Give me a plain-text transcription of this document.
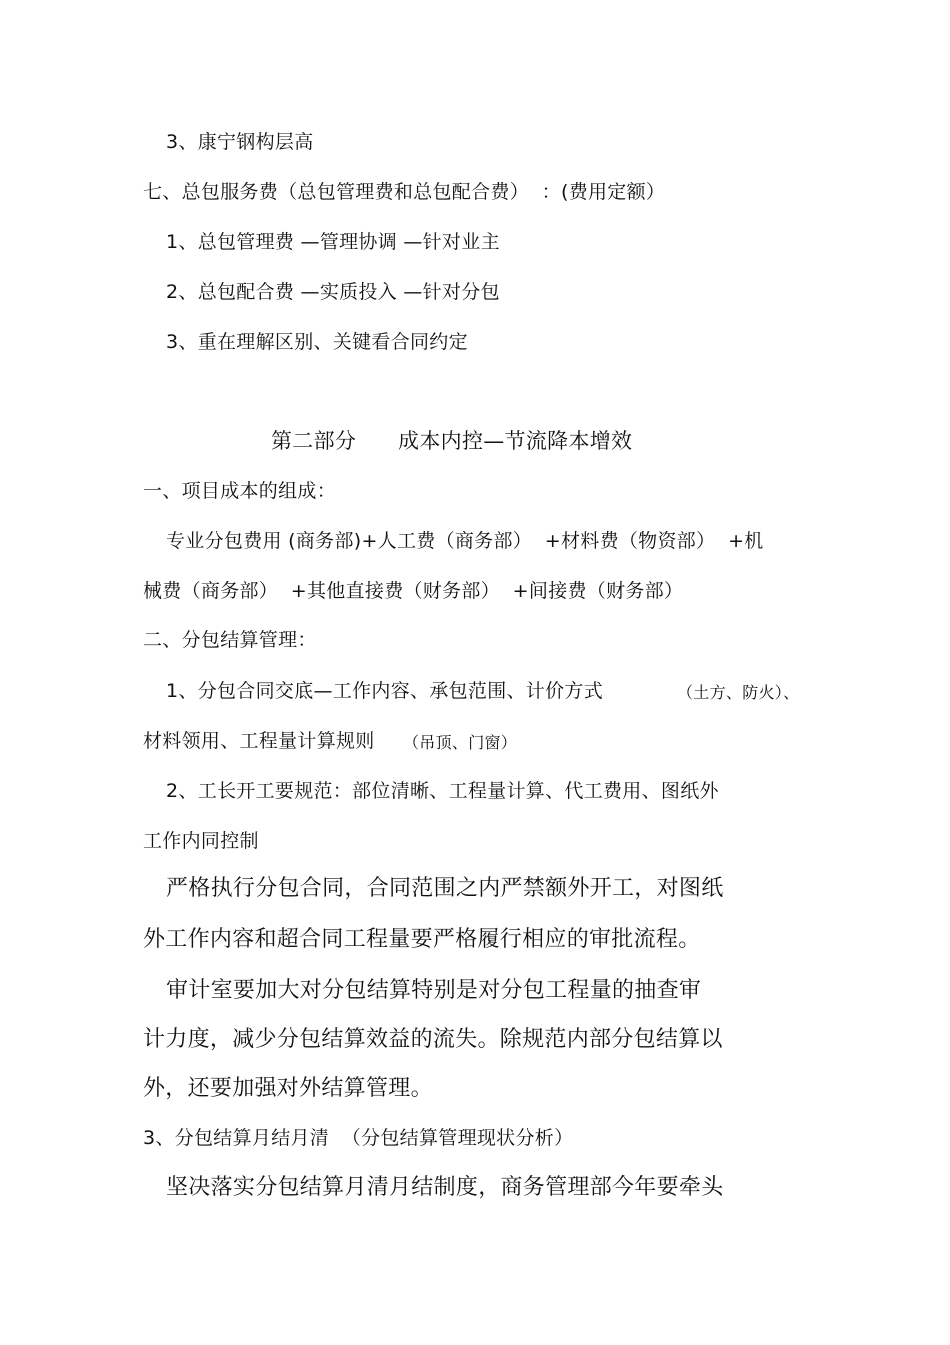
3、康宁钢构层高
七、总包服务费（总包管理费和总包配合费）  ：(费用定额）
1、总包管理费 —管理协调 —针对业主
2、总包配合费 —实质投入 —针对分包
3、重在理解区别、关键看合同约定
第二部分      成本内控—节流降本增效
一、项目成本的组成：
专业分包费用 (商务部)+人工费（商务部）  +材料费（物资部）  +机
械费（商务部）  +其他直接费（财务部）  +间接费（财务部）
二、分包结算管理：
1、分包合同交底—工作内容、承包范围、计价方式	（土方、防火）、
材料领用、工程量计算规则 （吊顶、门窗）
2、工长开工要规范：部位清晰、工程量计算、代工费用、图纸外
工作内同控制
严格执行分包合同，合同范围之内严禁额外开工，对图纸
外工作内容和超合同工程量要严格履行相应的审批流程。
审计室要加大对分包结算特别是对分包工程量的抽查审
计力度，减少分包结算效益的流失。除规范内部分包结算以
外，还要加强对外结算管理。
3、分包结算月结月清  （分包结算管理现状分析）
坚决落实分包结算月清月结制度，商务管理部今年要牵头
